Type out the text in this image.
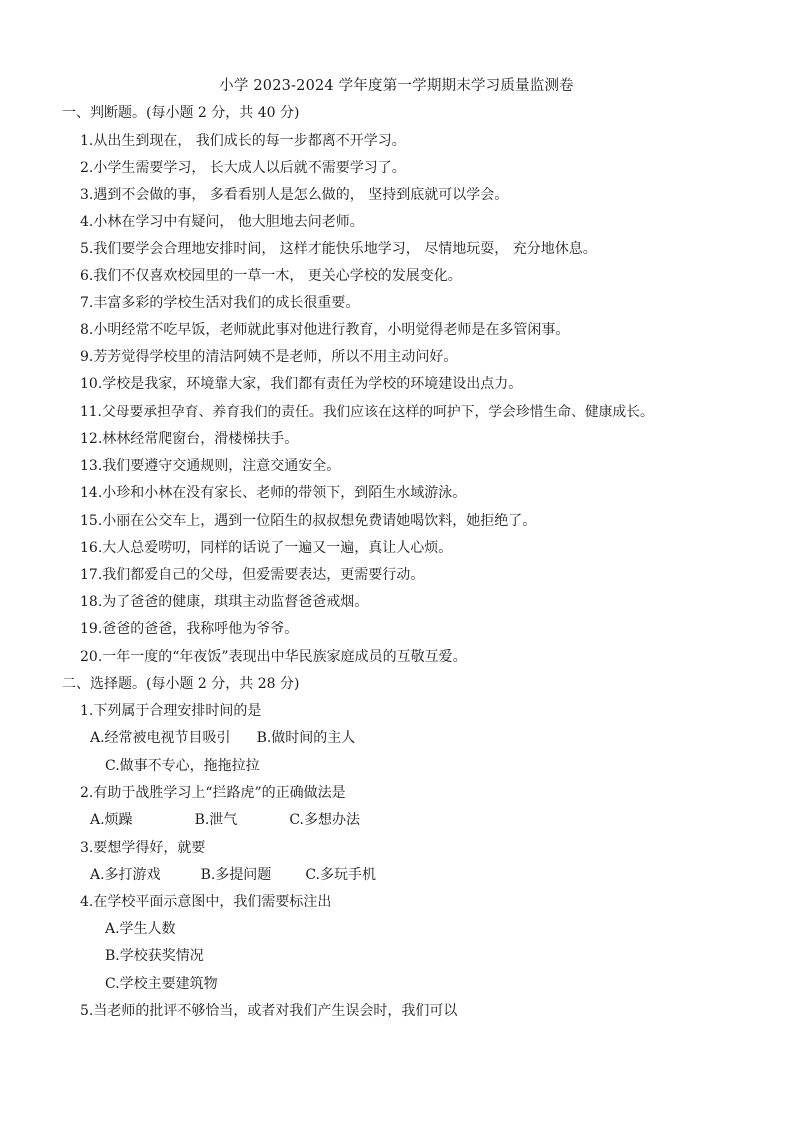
小学 2023-2024 学年度第一学期期末学习质量监测卷
一、判断题。(每小题 2 分，共 40 分)
1.从出生到现在， 我们成长的每一步都离不开学习。
2.小学生需要学习， 长大成人以后就不需要学习了。
3.遇到不会做的事， 多看看别人是怎么做的， 坚持到底就可以学会。
4.小林在学习中有疑问， 他大胆地去问老师。
5.我们要学会合理地安排时间， 这样才能快乐地学习， 尽情地玩耍， 充分地休息。
6.我们不仅喜欢校园里的一草一木， 更关心学校的发展变化。
7.丰富多彩的学校生活对我们的成长很重要。
8.小明经常不吃早饭，老师就此事对他进行教育，小明觉得老师是在多管闲事。
9.芳芳觉得学校里的清洁阿姨不是老师，所以不用主动问好。
10.学校是我家，环境靠大家，我们都有责任为学校的环境建设出点力。
11.父母要承担孕育、养育我们的责任。我们应该在这样的呵护下，学会珍惜生命、健康成长。
12.林林经常爬窗台，滑楼梯扶手。
13.我们要遵守交通规则，注意交通安全。
14.小珍和小林在没有家长、老师的带领下，到陌生水域游泳。
15.小丽在公交车上，遇到一位陌生的叔叔想免费请她喝饮料，她拒绝了。
16.大人总爱唠叨，同样的话说了一遍又一遍，真让人心烦。
17.我们都爱自己的父母，但爱需要表达，更需要行动。
18.为了爸爸的健康，琪琪主动监督爸爸戒烟。
19.爸爸的爸爸，我称呼他为爷爷。
20.一年一度的“年夜饭”表现出中华民族家庭成员的互敬互爱。
二、选择题。(每小题 2 分，共 28 分)
1.下列属于合理安排时间的是
A.经常被电视节目吸引 B.做时间的主人
C.做事不专心，拖拖拉拉
2.有助于战胜学习上“拦路虎”的正确做法是
A.烦躁	B.泄气	C.多想办法
3.要想学得好，就要
A.多打游戏	B.多提问题 C.多玩手机
4.在学校平面示意图中，我们需要标注出
A.学生人数
B.学校获奖情况
C.学校主要建筑物
5.当老师的批评不够恰当，或者对我们产生误会时，我们可以
